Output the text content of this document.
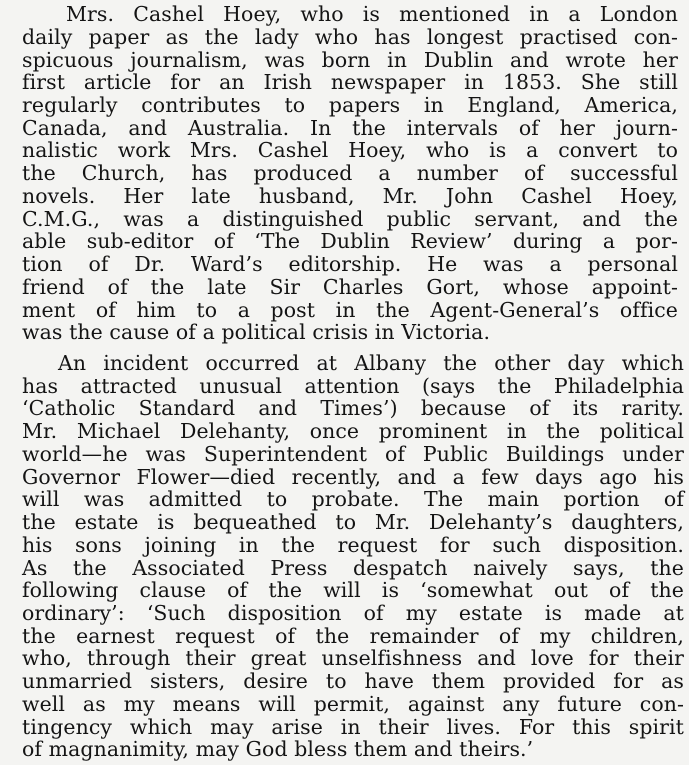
Mrs. Cashel Hoey, who is mentioned in a London
daily paper as the lady who has longest practised con-
spicuous journalism, was born in Dublin and wrote her
first article for an Irish newspaper in 1853. She still
regularly contributes to papers in England, America,
Canada, and Australia. In the intervals of her journ-
nalistic work Mrs. Cashel Hoey, who is a convert to
the Church, has produced a number of successful
novels. Her late husband, Mr. John Cashel Hoey,
C.M.G., was a distinguished public servant, and the
able sub-editor of ‘The Dublin Review’ during a por-
tion of Dr. Ward’s editorship. He was a personal
friend of the late Sir Charles Gort, whose appoint-
ment of him to a post in the Agent-General’s office
was the cause of a political crisis in Victoria.
An incident occurred at Albany the other day which
has attracted unusual attention (says the Philadelphia
‘Catholic Standard and Times’) because of its rarity.
Mr. Michael Delehanty, once prominent in the political
world—he was Superintendent of Public Buildings under
Governor Flower—died recently, and a few days ago his
will was admitted to probate. The main portion of
the estate is bequeathed to Mr. Delehanty’s daughters,
his sons joining in the request for such disposition.
As the Associated Press despatch naively says, the
following clause of the will is ‘somewhat out of the
ordinary’: ‘Such disposition of my estate is made at
the earnest request of the remainder of my children,
who, through their great unselfishness and love for their
unmarried sisters, desire to have them provided for as
well as my means will permit, against any future con-
tingency which may arise in their lives. For this spirit
of magnanimity, may God bless them and theirs.’
